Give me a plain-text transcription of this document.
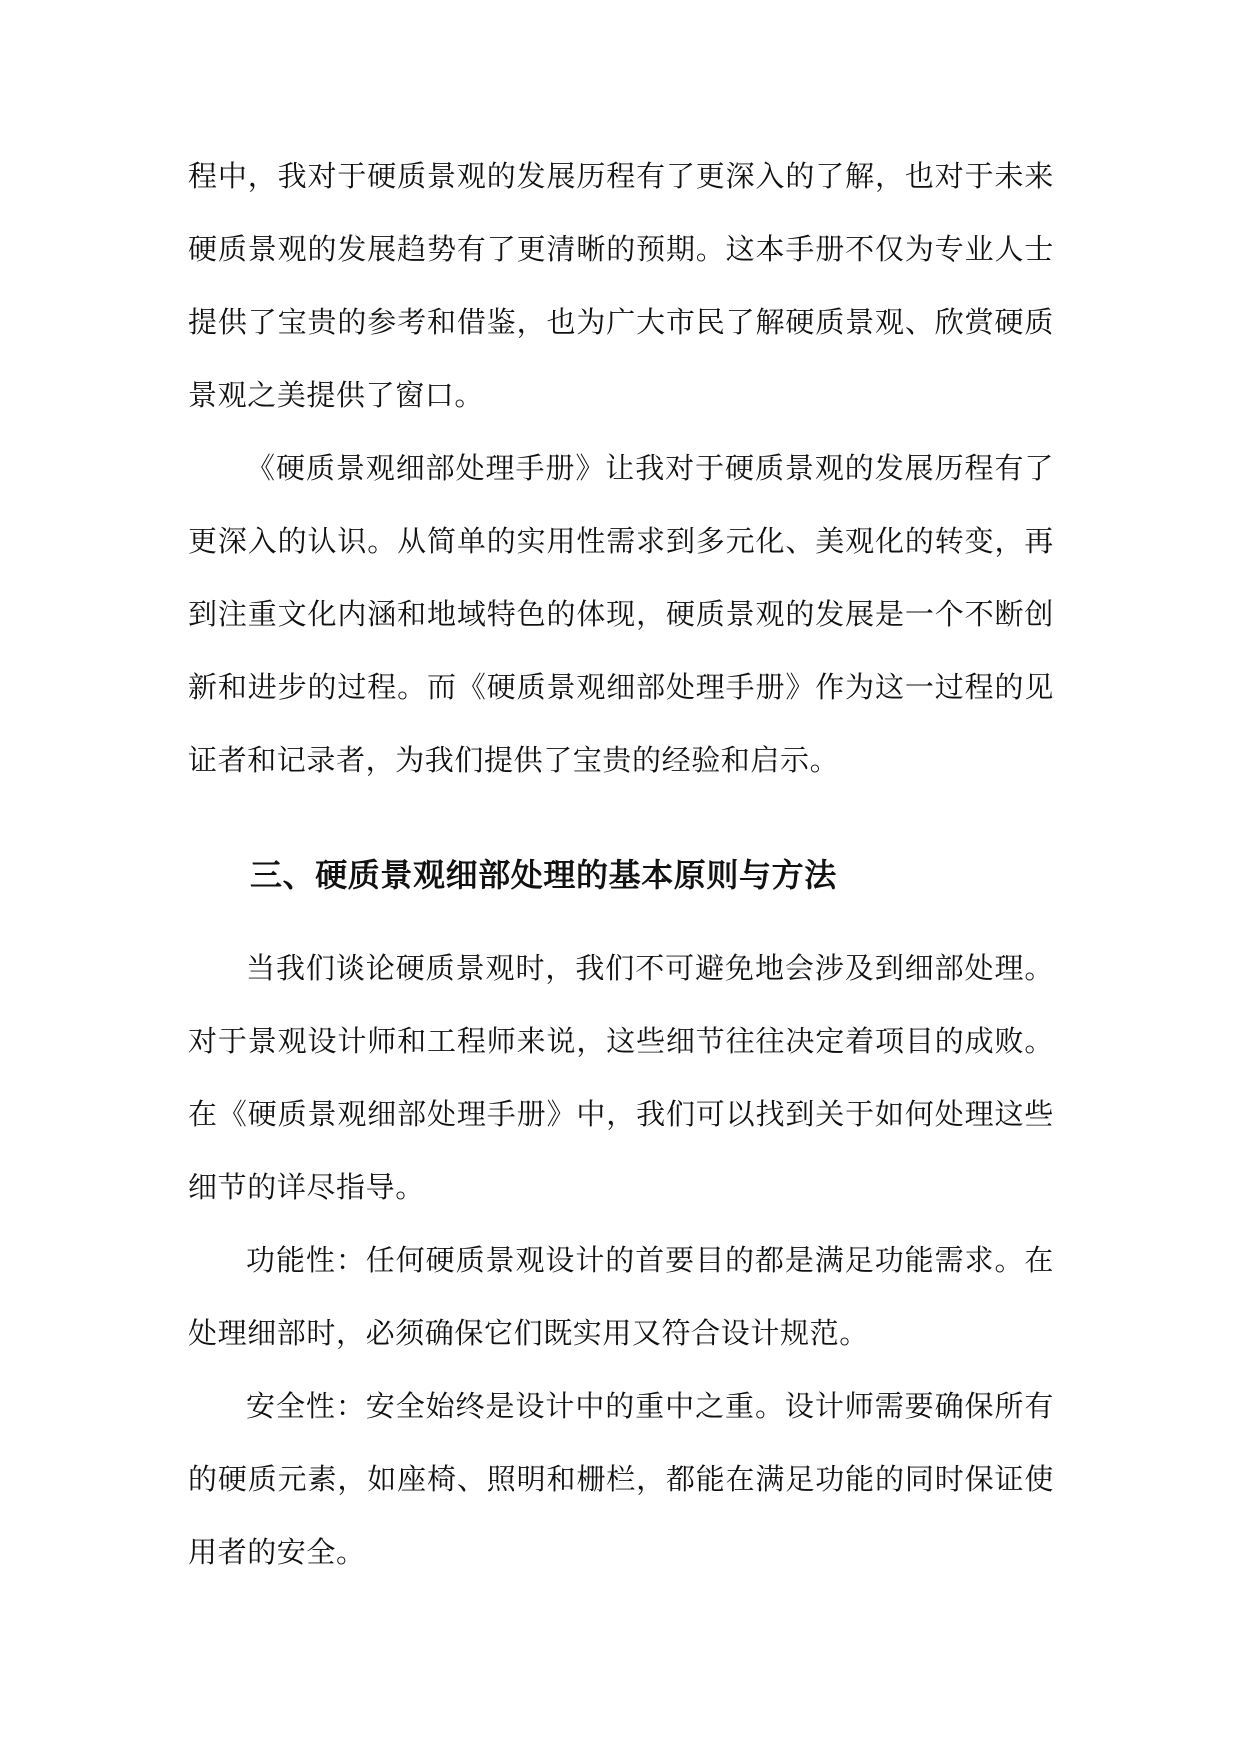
程中，我对于硬质景观的发展历程有了更深入的了解，也对于未来硬质景观的发展趋势有了更清晰的预期。这本手册不仅为专业人士提供了宝贵的参考和借鉴，也为广大市民了解硬质景观、欣赏硬质景观之美提供了窗口。

《硬质景观细部处理手册》让我对于硬质景观的发展历程有了更深入的认识。从简单的实用性需求到多元化、美观化的转变，再到注重文化内涵和地域特色的体现，硬质景观的发展是一个不断创新和进步的过程。而《硬质景观细部处理手册》作为这一过程的见证者和记录者，为我们提供了宝贵的经验和启示。

三、硬质景观细部处理的基本原则与方法

当我们谈论硬质景观时，我们不可避免地会涉及到细部处理。对于景观设计师和工程师来说，这些细节往往决定着项目的成败。在《硬质景观细部处理手册》中，我们可以找到关于如何处理这些细节的详尽指导。

功能性：任何硬质景观设计的首要目的都是满足功能需求。在处理细部时，必须确保它们既实用又符合设计规范。

安全性：安全始终是设计中的重中之重。设计师需要确保所有的硬质元素，如座椅、照明和栅栏，都能在满足功能的同时保证使用者的安全。
